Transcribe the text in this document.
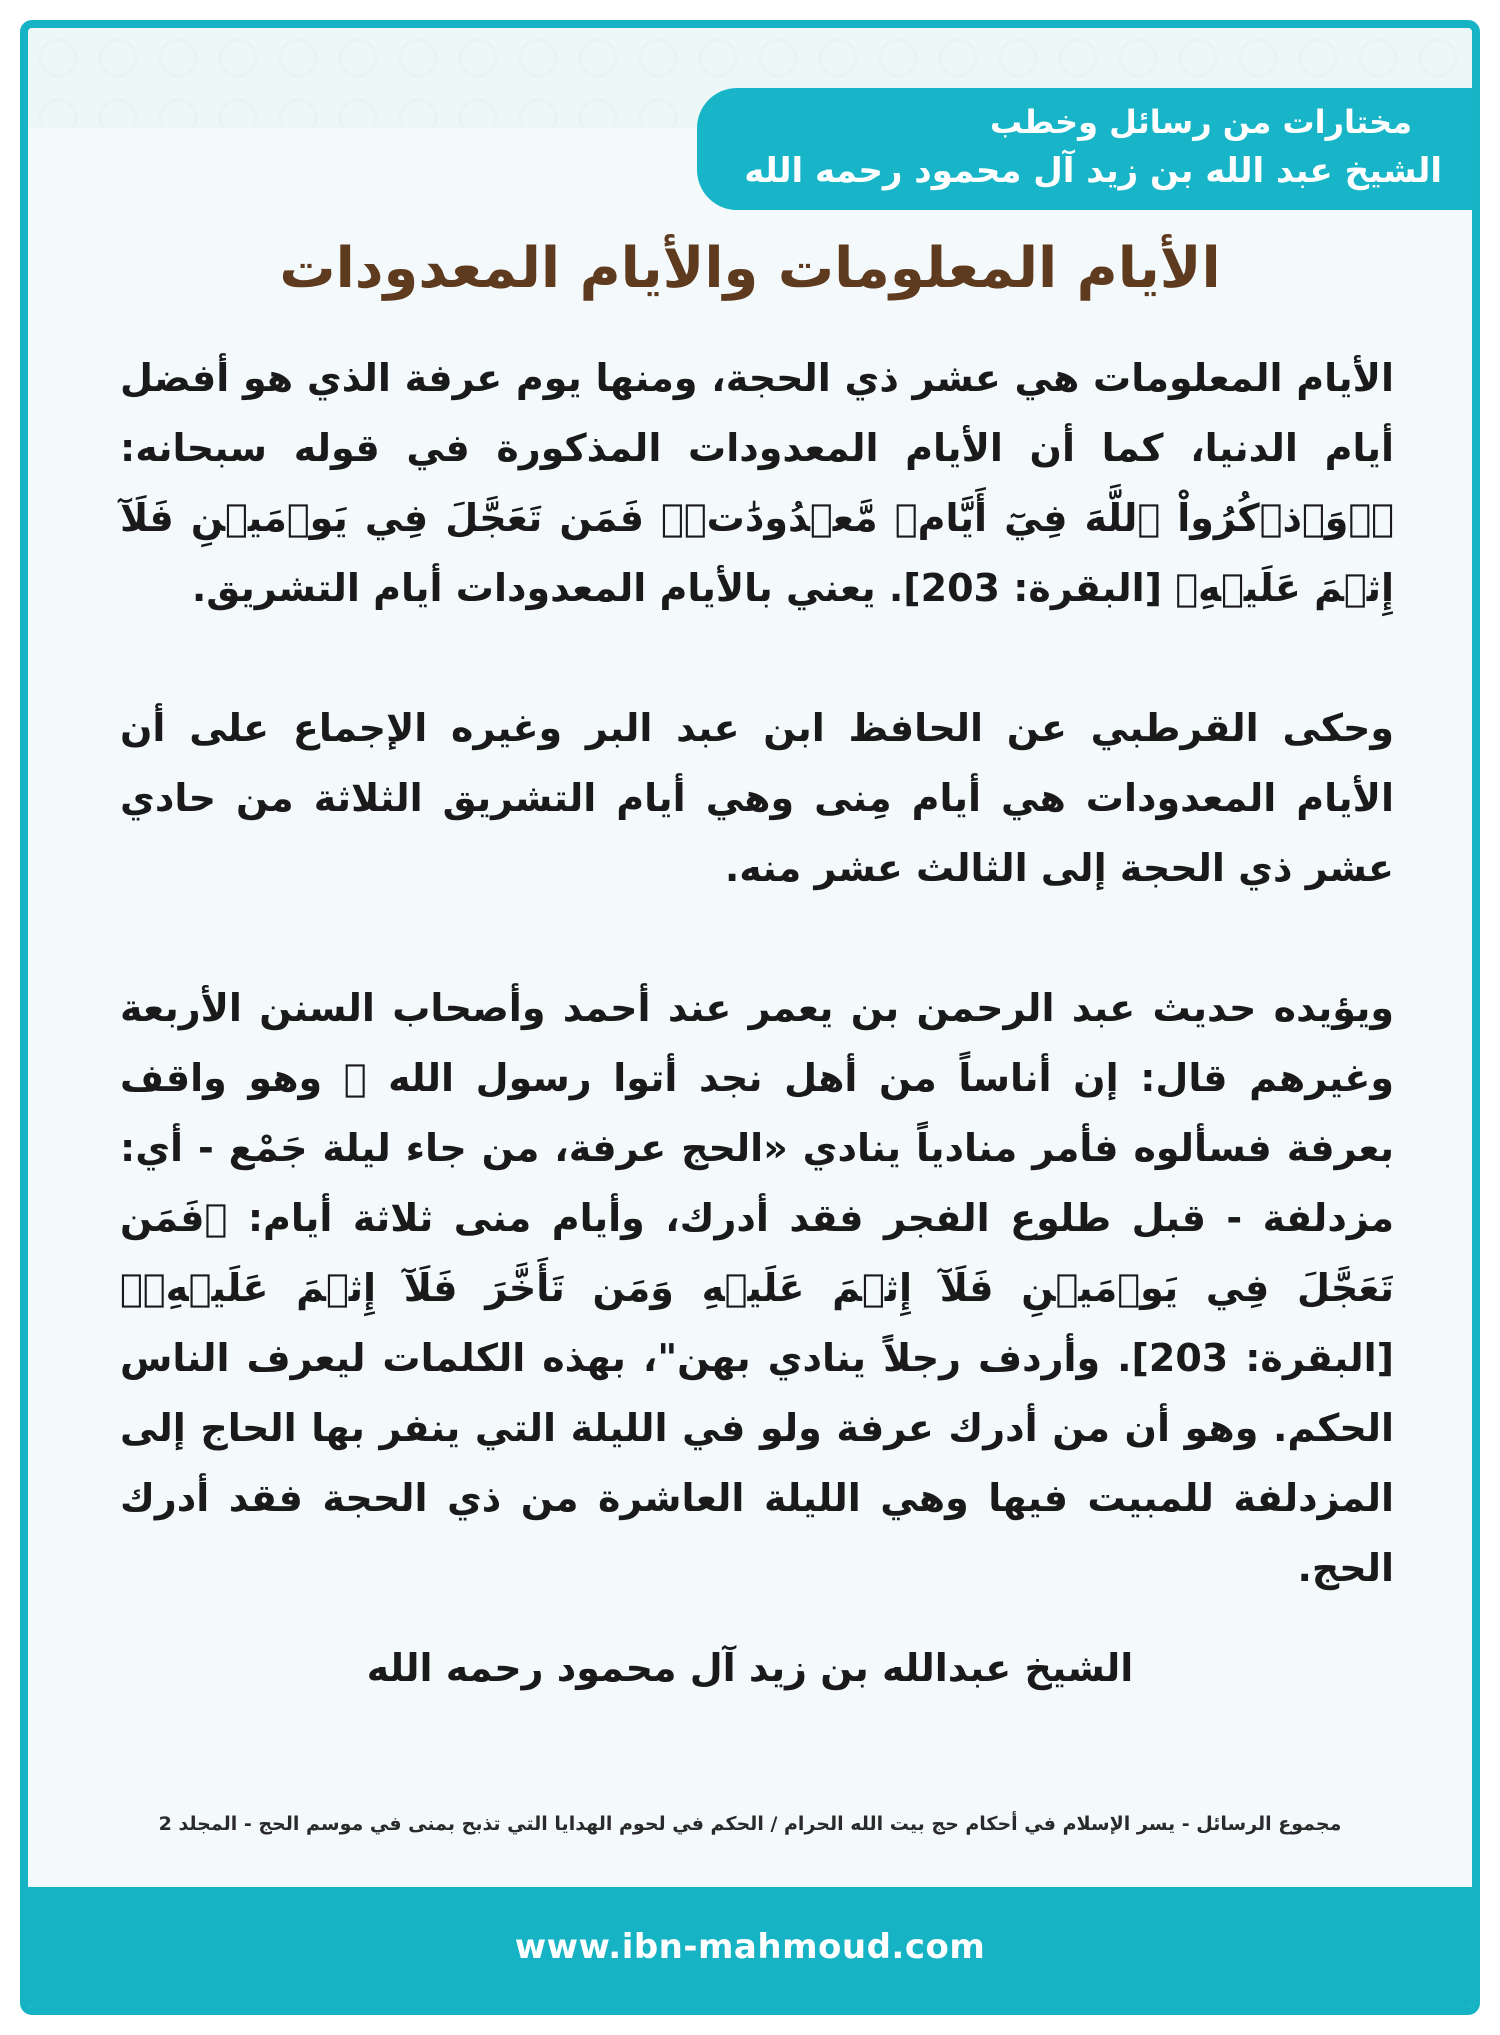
مختارات من رسائل وخطب
الشيخ عبد الله بن زيد آل محمود رحمه الله
الأيام المعلومات والأيام المعدودات

الأيام المعلومات هي عشر ذي الحجة، ومنها يوم عرفة الذي هو أفضل أيام الدنيا، كما أن الأيام المعدودات المذكورة في قوله سبحانه: ﴿۞وَٱذۡكُرُواْ ٱللَّهَ فِيٓ أَيَّامٖ مَّعۡدُودَٰتٖۚ فَمَن تَعَجَّلَ فِي يَوۡمَيۡنِ فَلَآ إِثۡمَ عَلَيۡهِ﴾ [البقرة: 203]. يعني بالأيام المعدودات أيام التشريق.

وحكى القرطبي عن الحافظ ابن عبد البر وغيره الإجماع على أن الأيام المعدودات هي أيام مِنى وهي أيام التشريق الثلاثة من حادي عشر ذي الحجة إلى الثالث عشر منه.

ويؤيده حديث عبد الرحمن بن يعمر عند أحمد وأصحاب السنن الأربعة وغيرهم قال: إن أناساً من أهل نجد أتوا رسول الله ﷺ وهو واقف بعرفة فسألوه فأمر منادياً ينادي «الحج عرفة، من جاء ليلة جَمْع - أي: مزدلفة - قبل طلوع الفجر فقد أدرك، وأيام منى ثلاثة أيام: ﴿فَمَن تَعَجَّلَ فِي يَوۡمَيۡنِ فَلَآ إِثۡمَ عَلَيۡهِ وَمَن تَأَخَّرَ فَلَآ إِثۡمَ عَلَيۡهِۖ﴾ [البقرة: 203]. وأردف رجلاً ينادي بهن"، بهذه الكلمات ليعرف الناس الحكم. وهو أن من أدرك عرفة ولو في الليلة التي ينفر بها الحاج إلى المزدلفة للمبيت فيها وهي الليلة العاشرة من ذي الحجة فقد أدرك الحج.

الشيخ عبدالله بن زيد آل محمود رحمه الله
مجموع الرسائل - يسر الإسلام في أحكام حج بيت الله الحرام / الحكم في لحوم الهدايا التي تذبح بمنى في موسم الحج - المجلد 2
www.ibn-mahmoud.com
